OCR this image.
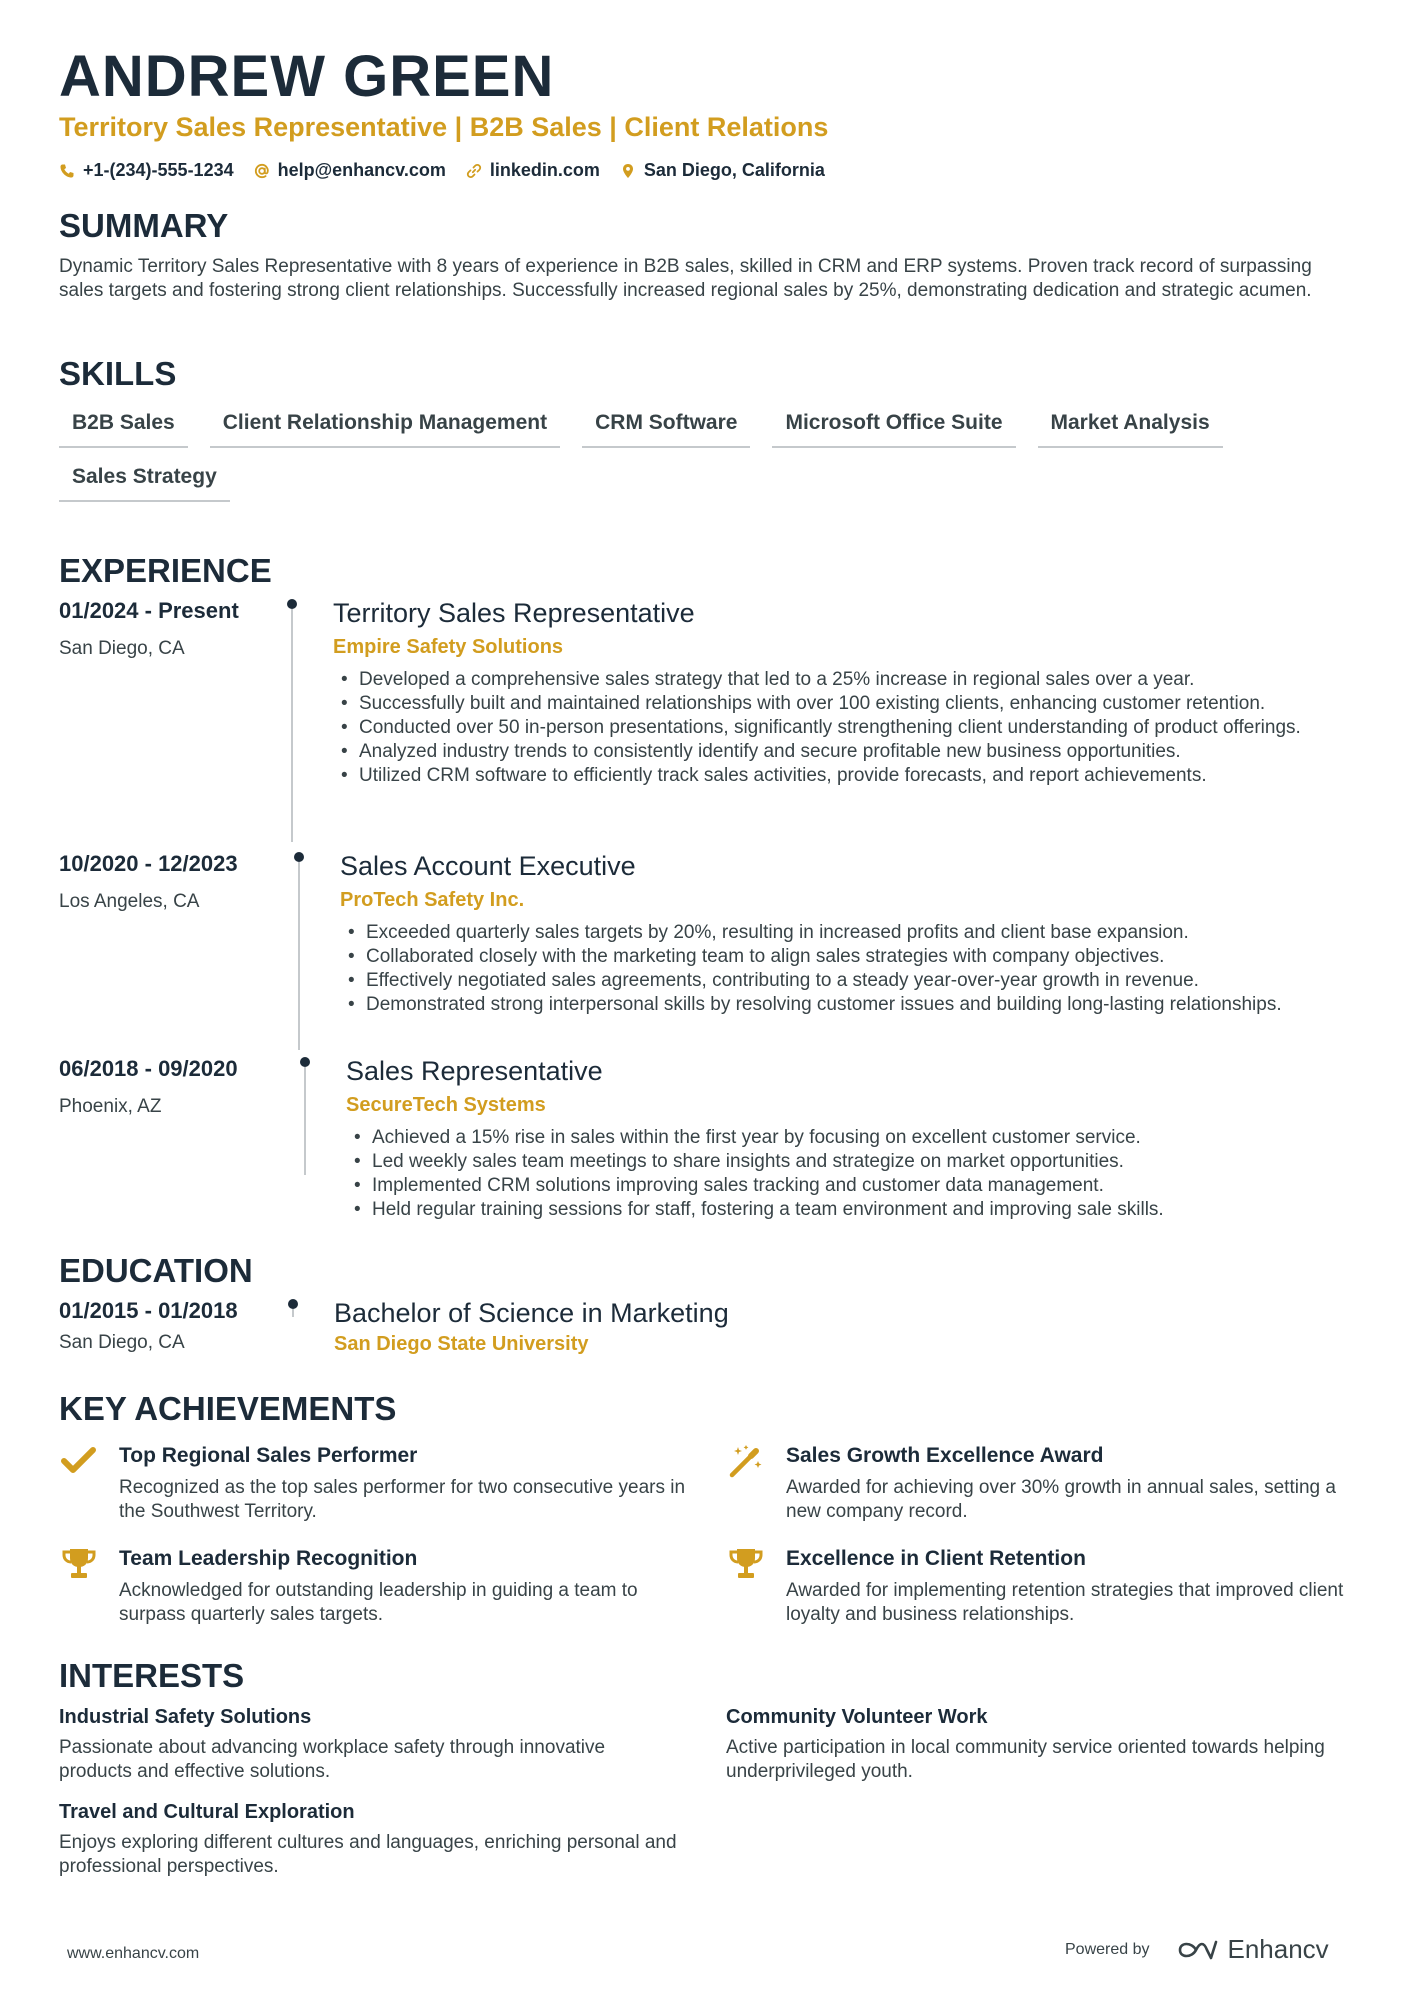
ANDREW GREEN
Territory Sales Representative | B2B Sales | Client Relations
+1-(234)-555-1234 help@enhancv.com linkedin.com San Diego, California
SUMMARY
Dynamic Territory Sales Representative with 8 years of experience in B2B sales, skilled in CRM and ERP systems. Proven track record of surpassing sales targets and fostering strong client relationships. Successfully increased regional sales by 25%, demonstrating dedication and strategic acumen.
SKILLS
B2B Sales	Client Relationship Management	CRM Software	Microsoft Office Suite	Market Analysis
Sales Strategy
EXPERIENCE
01/2024 - Present
San Diego, CA
Territory Sales Representative
Empire Safety Solutions
• Developed a comprehensive sales strategy that led to a 25% increase in regional sales over a year.
• Successfully built and maintained relationships with over 100 existing clients, enhancing customer retention.
• Conducted over 50 in-person presentations, significantly strengthening client understanding of product offerings.
• Analyzed industry trends to consistently identify and secure profitable new business opportunities.
• Utilized CRM software to efficiently track sales activities, provide forecasts, and report achievements.
10/2020 - 12/2023
Los Angeles, CA
Sales Account Executive
ProTech Safety Inc.
• Exceeded quarterly sales targets by 20%, resulting in increased profits and client base expansion.
• Collaborated closely with the marketing team to align sales strategies with company objectives.
• Effectively negotiated sales agreements, contributing to a steady year-over-year growth in revenue.
• Demonstrated strong interpersonal skills by resolving customer issues and building long-lasting relationships.
06/2018 - 09/2020
Phoenix, AZ
Sales Representative
SecureTech Systems
• Achieved a 15% rise in sales within the first year by focusing on excellent customer service.
• Led weekly sales team meetings to share insights and strategize on market opportunities.
• Implemented CRM solutions improving sales tracking and customer data management.
• Held regular training sessions for staff, fostering a team environment and improving sale skills.
EDUCATION
01/2015 - 01/2018
San Diego, CA
Bachelor of Science in Marketing
San Diego State University
KEY ACHIEVEMENTS
Top Regional Sales Performer
Recognized as the top sales performer for two consecutive years in the Southwest Territory.
Sales Growth Excellence Award
Awarded for achieving over 30% growth in annual sales, setting a new company record.
Team Leadership Recognition
Acknowledged for outstanding leadership in guiding a team to surpass quarterly sales targets.
Excellence in Client Retention
Awarded for implementing retention strategies that improved client loyalty and business relationships.
INTERESTS
Industrial Safety Solutions
Passionate about advancing workplace safety through innovative products and effective solutions.
Community Volunteer Work
Active participation in local community service oriented towards helping underprivileged youth.
Travel and Cultural Exploration
Enjoys exploring different cultures and languages, enriching personal and professional perspectives.
www.enhancv.com	Powered by	Enhancv
